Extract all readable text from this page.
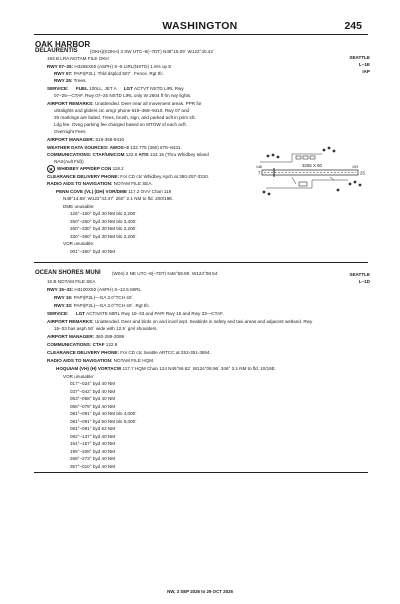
WASHINGTON	245
OAK HARBOR
DELAURENTIS	(OKH)(KOKH) 3 SW UTC–8(–7DT) N48°15.09´ W122°40.42´
193 B LRA NOTAM FILE OKH	SEATTLE
L–1E
IAP
RWY 07–25: H3265X60 (ASPH) S–5 LIRL(NSTD) 1.6% up E
RWY 07: PAPI(P2L). Thld dsplcd 507´. Fence. Rgt tfc.
RWY 25: Trees.
SERVICE: FUEL 100LL, JET A LGT ACTVT NSTD LIRL Rwy
07–25—CTAF. Rwy 07–25 NSTD LIRL only W 2604 ft fm rwy lights.
AIRPORT REMARKS: Unattended. Deer near all movement areas. PPR for
ultralights and gliders ctc amgr phone 619–368–9410. Rwy 07 and
25 markings are faded. Trees, brush, sign, and parked acft in prim sfc.
Ldg fee. Ovng parking fee charged based on MTOW of each acft.
Overnight Fees.
AIRPORT MANAGER: 619-368-9410
WEATHER DATA SOURCES: AWOS–3 132.775 (360) 675–8431.
COMMUNICATIONS: CTAF/UNICOM 122.8 ATIS 134.15 (Thru Whidbey Island
NAS(Ault Fld))
R WHIDBEY APP/DEP CON 118.2
CLEARANCE DELIVERY PHONE: For CD ctc Whidbey Apch at 360-257-3310.
RADIO AIDS TO NAVIGATION: NOTAM FILE SEA.
PENN COVE (VL) (DH) VOR/DME 117.2 OVV Chan 119
N48°14.68´ W122°43.47´ 260° 2.1 NM to fld. 200/19E.
DME unusable:
126°–160° byd 30 NM blo 2,200´
250°–260° byd 30 NM blo 3,400´
260°–330° byd 30 NM blo 2,200´
330°–360° byd 30 NM blo 2,200´
VOR unusable:
001°–360° byd 40 NM
3265 X 60
7	25
146	193
OCEAN SHORES MUNI (W04) 2 NE UTC–8(–7DT) N46°59.95´ W124°08.54´
15 B NOTAM FILE SEA
SEATTLE
L–1D
RWY 15–33: H3100X50 (ASPH) S–12.5 MIRL
RWY 15: PAPI(P2L)—GA 3.0°TCH 40´.
RWY 33: PAPI(P2L)—GA 3.0°TCH 40´. Rgt tfc.
SERVICE: LGT ACTIVATE MIRL Rwy 15–33 and PAPI Rwy 15 and Rwy 33—CTAF.
AIRPORT REMARKS: Unattended. Deer and birds on and invof arpt. Seabirds in safety and taxi areas and adjacent wetland. Rwy
15–33 has asph 50´ wide with 12.5´ grvl shoulders.
AIRPORT MANAGER: 360-289-3099
COMMUNICATIONS: CTAF 122.9
CLEARANCE DELIVERY PHONE: For CD ctc Seattle ARTCC at 253-351-3694.
RADIO AIDS TO NAVIGATION: NOTAM FILE HQM.
HOQUIAM (VH) (H) VORTACW 117.7 HQM Chan 124 N46°56.82´ W124°08.96´ 346° 3.1 NM to fld. 10/19E.
VOR unusable:
017°–024° byd 40 NM
037°–042° byd 40 NM
053°–058° byd 40 NM
066°–079° byd 40 NM
081°–091° byd 40 NM blo 4,000´
081°–091° byd 50 NM blo 5,000´
081°–091° byd 62 NM
092°–137° byd 40 NM
154°–157° byd 40 NM
195°–208° byd 40 NM
268°–273° byd 40 NM
357°–010° byd 40 NM
NW, 3 SEP 2026 to 29 OCT 2026
